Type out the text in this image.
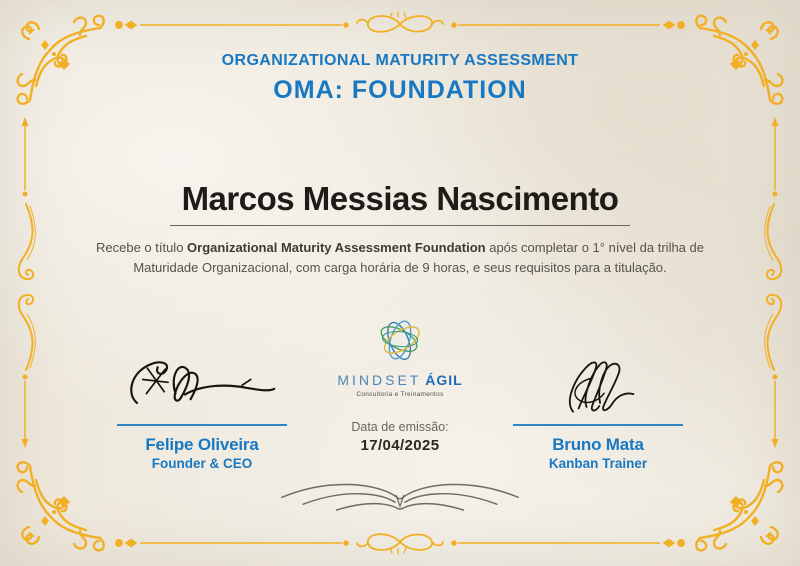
ORGANIZATIONAL MATURITY ASSESSMENT
OMA: FOUNDATION
Marcos Messias Nascimento
Recebe o título Organizational Maturity Assessment Foundation após completar o 1° nível da trilha de
Maturidade Organizacional, com carga horária de 9 horas, e seus requisitos para a titulação.
MINDSET ÁGIL
Consultoria e Treinamentos
Data de emissão:
17/04/2025
Felipe Oliveira
Founder & CEO
Bruno Mata
Kanban Trainer
